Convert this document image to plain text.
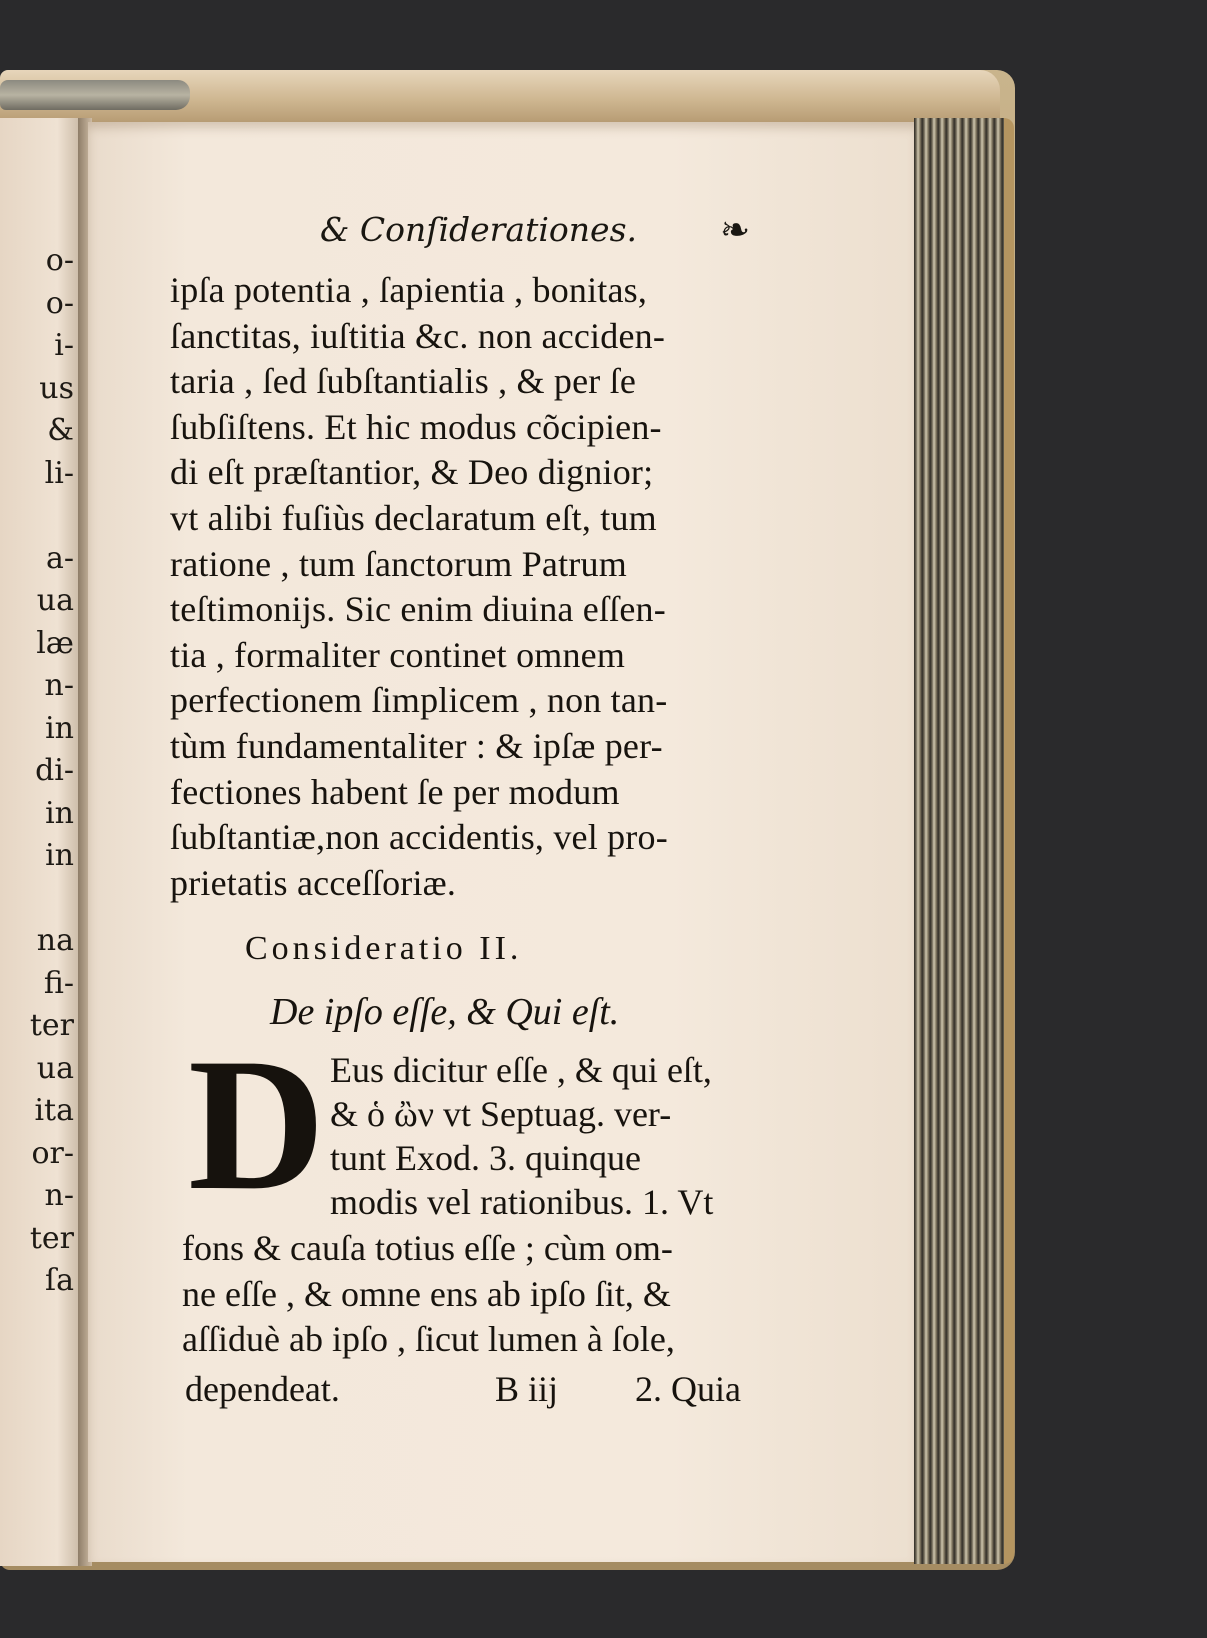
o-
o-
i-
us
&
li-
a-
ua
læ
n-
in
di-
in
in
na
fi-
ter
ua
ita
or-
n-
ter
ſa
& Conſiderationes. ❧
ipſa potentia , ſapientia , bonitas,
ſanctitas, iuſtitia &c. non acciden-
taria , ſed ſubſtantialis , & per ſe
ſubſiſtens. Et hic modus cõcipien-
di eſt præſtantior, & Deo dignior;
vt alibi fuſiùs declaratum eſt, tum
ratione , tum ſanctorum Patrum
teſtimonijs. Sic enim diuina eſſen-
tia , formaliter continet omnem
perfectionem ſimplicem , non tan-
tùm fundamentaliter : & ipſæ per-
fectiones habent ſe per modum
ſubſtantiæ,non accidentis, vel pro-
prietatis acceſſoriæ.
Consideratio II.
De ipſo eſſe, & Qui eſt.
D Eus dicitur eſſe , & qui eſt,
& ὁ ὢν vt Septuag. ver-
tunt Exod. 3. quinque
modis vel rationibus. 1. Vt
fons & cauſa totius eſſe ; cùm om-
ne eſſe , & omne ens ab ipſo ſit, &
aſſiduè ab ipſo , ſicut lumen à ſole,
dependeat.	B iij 2. Quia
